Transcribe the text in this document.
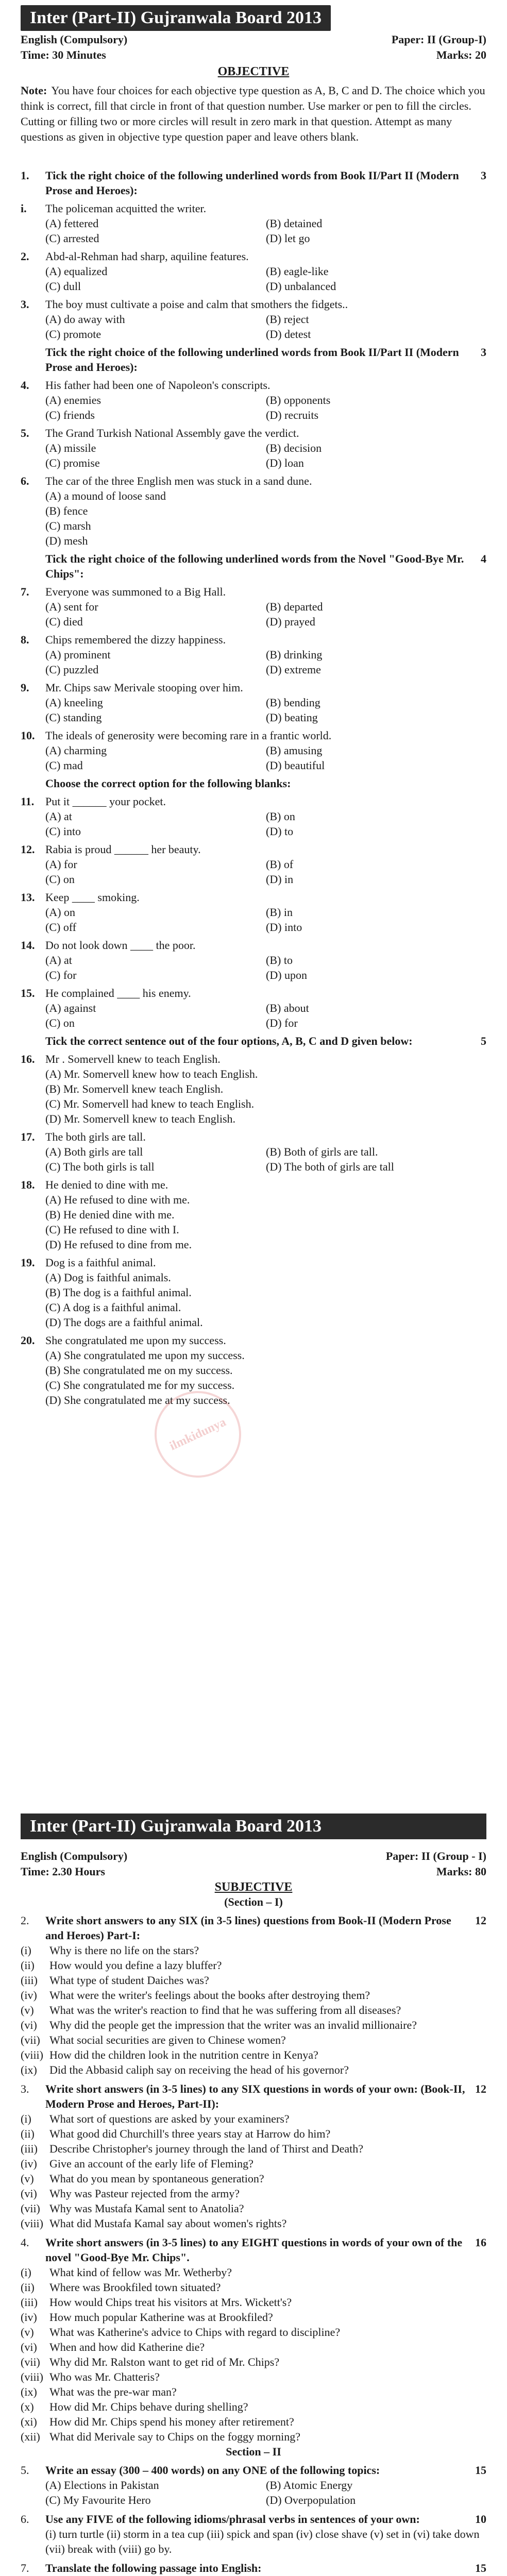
Inter (Part-II) Gujranwala Board 2013
English (Compulsory)	Paper: II (Group-I)
Time: 30 Minutes	Marks: 20
OBJECTIVE
Note: You have four choices for each objective type question as A, B, C and D. The choice which you think is correct, fill that circle in front of that question number. Use marker or pen to fill the circles. Cutting or filling two or more circles will result in zero mark in that question. Attempt as many questions as given in objective type question paper and leave others blank.
1.	Tick the right choice of the following underlined words from Book II/Part II (Modern Prose and Heroes):
3
i.	The policeman acquitted the writer.
(A) fettered	(B) detained
(C) arrested	(D) let go
2.	Abd-al-Rehman had sharp, aquiline features.
(A) equalized	(B) eagle-like
(C) dull	(D) unbalanced
3.	The boy must cultivate a poise and calm that smothers the fidgets..
(A) do away with	(B) reject
(C) promote	(D) detest
Tick the right choice of the following underlined words from Book II/Part II (Modern Prose and Heroes):
3
4.	His father had been one of Napoleon's conscripts.
(A) enemies	(B) opponents
(C) friends	(D) recruits
5.	The Grand Turkish National Assembly gave the verdict.
(A) missile	(B) decision
(C) promise	(D) loan
6.	The car of the three English men was stuck in a sand dune.
(A) a mound of loose sand
(B) fence
(C) marsh
(D) mesh
Tick the right choice of the following underlined words from the Novel "Good-Bye Mr. Chips":
4
7.	Everyone was summoned to a Big Hall.
(A) sent for	(B) departed
(C) died	(D) prayed
8.	Chips remembered the dizzy happiness.
(A) prominent	(B) drinking
(C) puzzled	(D) extreme
9.	Mr. Chips saw Merivale stooping over him.
(A) kneeling	(B) bending
(C) standing	(D) beating
10. The ideals of generosity were becoming rare in a frantic world.
(A) charming	(B) amusing
(C) mad	(D) beautiful
Choose the correct option for the following blanks:
11. Put it ______ your pocket.
(A) at	(B) on
(C) into	(D) to
12. Rabia is proud ______ her beauty.
(A) for	(B) of
(C) on	(D) in
13. Keep ____ smoking.
(A) on	(B) in
(C) off	(D) into
14. Do not look down ____ the poor.
(A) at	(B) to
(C) for	(D) upon
15. He complained ____ his enemy.
(A) against	(B) about
(C) on	(D) for
Tick the correct sentence out of the four options, A, B, C and D given below:	5
16. Mr . Somervell knew to teach English.
(A) Mr. Somervell knew how to teach English.
(B) Mr. Somervell knew teach English.
(C) Mr. Somervell had knew to teach English.
(D) Mr. Somervell knew to teach English.
17. The both girls are tall.
(A) Both girls are tall	(B) Both of girls are tall.
(C) The both girls is tall	(D) The both of girls are tall
18. He denied to dine with me.
(A) He refused to dine with me.
(B) He denied dine with me.
(C) He refused to dine with I.
(D) He refused to dine from me.
19. Dog is a faithful animal.
(A) Dog is faithful animals.
(B) The dog is a faithful animal.
(C) A dog is a faithful animal.
(D) The dogs are a faithful animal.
20. She congratulated me upon my success.
(A) She congratulated me upon my success.
(B) She congratulated me on my success.
(C) She congratulated me for my success.
(D) She congratulated me at my success.
ilmkidunya
Inter (Part-II) Gujranwala Board 2013
English (Compulsory)	Paper: II (Group - I)
Time: 2.30 Hours	Marks: 80
SUBJECTIVE
(Section – I)
2.	Write short answers to any SIX (in 3-5 lines) questions from Book-II (Modern Prose and Heroes) Part-I:
12
(i)	Why is there no life on the stars?
(ii)	How would you define a lazy bluffer?
(iii)	What type of student Daiches was?
(iv)	What were the writer's feelings about the books after destroying them?
(v)	What was the writer's reaction to find that he was suffering from all diseases?
(vi)	Why did the people get the impression that the writer was an invalid millionaire?
(vii) What social securities are given to Chinese women?
(viii) How did the children look in the nutrition centre in Kenya?
(ix)	Did the Abbasid caliph say on receiving the head of his governor?
3.	Write short answers (in 3-5 lines) to any SIX questions in words of your own: (Book-II, Modern Prose and Heroes, Part-II):
12
(i)	What sort of questions are asked by your examiners?
(ii)	What good did Churchill's three years stay at Harrow do him?
(iii)	Describe Christopher's journey through the land of Thirst and Death?
(iv)	Give an account of the early life of Fleming?
(v)	What do you mean by spontaneous generation?
(vi)	Why was Pasteur rejected from the army?
(vii) Why was Mustafa Kamal sent to Anatolia?
(viii) What did Mustafa Kamal say about women's rights?
4.	Write short answers (in 3-5 lines) to any EIGHT questions in words of your own of the novel "Good-Bye Mr. Chips".
16
(i)	What kind of fellow was Mr. Wetherby?
(ii)	Where was Brookfiled town situated?
(iii)	How would Chips treat his visitors at Mrs. Wickett's?
(iv)	How much popular Katherine was at Brookfiled?
(v)	What was Katherine's advice to Chips with regard to discipline?
(vi)	When and how did Katherine die?
(vii) Why did Mr. Ralston want to get rid of Mr. Chips?
(viii) Who was Mr. Chatteris?
(ix)	What was the pre-war man?
(x)	How did Mr. Chips behave during shelling?
(xi)	How did Mr. Chips spend his money after retirement?
(xii) What did Merivale say to Chips on the foggy morning?
Section – II
5.	Write an essay (300 – 400 words) on any ONE of the following topics:	15
(A) Elections in Pakistan	(B) Atomic Energy
(C) My Favourite Hero	(D) Overpopulation
6.	Use any FIVE of the following idioms/phrasal verbs in sentences of your own:	10
(i) turn turtle (ii) storm in a tea cup (iii) spick and span (iv) close shave (v) set in (vi) take down (vii) break with (viii) go by.
7.	Translate the following passage into English:	15
